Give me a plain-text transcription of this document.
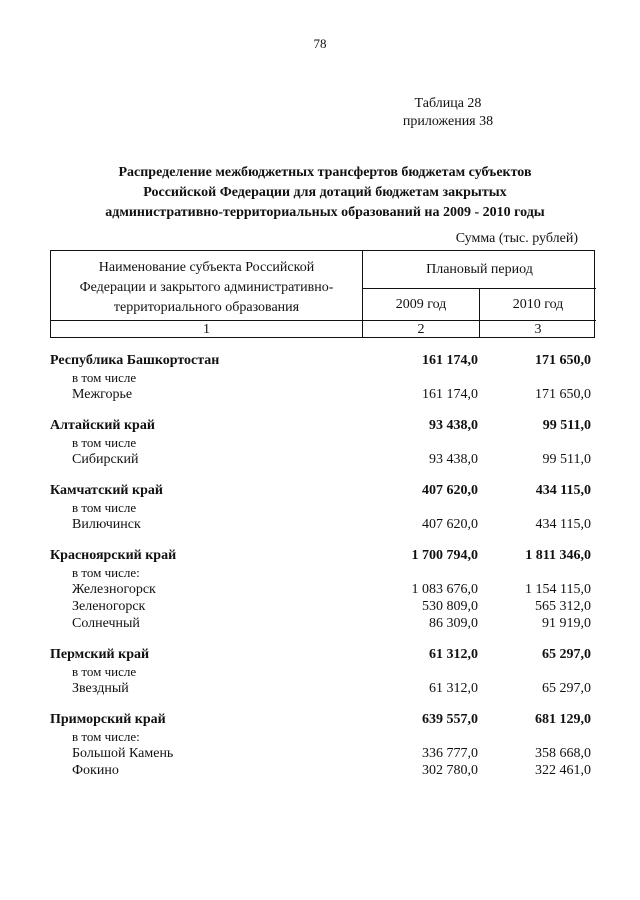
78
Таблица 28
приложения 38
Распределение межбюджетных трансфертов бюджетам субъектов
Российской Федерации для дотаций бюджетам закрытых
административно-территориальных образований на 2009 - 2010 годы
Сумма (тыс. рублей)
Наименование субъекта Российской
Федерации и закрытого административно-
территориального образования
Плановый период
2009 год	2010 год
1	2	3
Республика Башкортостан	161 174,0	171 650,0
в том числе
Межгорье	161 174,0	171 650,0
Алтайский край	93 438,0	99 511,0
в том числе
Сибирский	93 438,0	99 511,0
Камчатский край	407 620,0	434 115,0
в том числе
Вилючинск	407 620,0	434 115,0
Красноярский край	1 700 794,0	1 811 346,0
в том числе:
Железногорск	1 083 676,0	1 154 115,0
Зеленогорск	530 809,0	565 312,0
Солнечный	86 309,0	91 919,0
Пермский край	61 312,0	65 297,0
в том числе
Звездный	61 312,0	65 297,0
Приморский край	639 557,0	681 129,0
в том числе:
Большой Камень	336 777,0	358 668,0
Фокино	302 780,0	322 461,0
